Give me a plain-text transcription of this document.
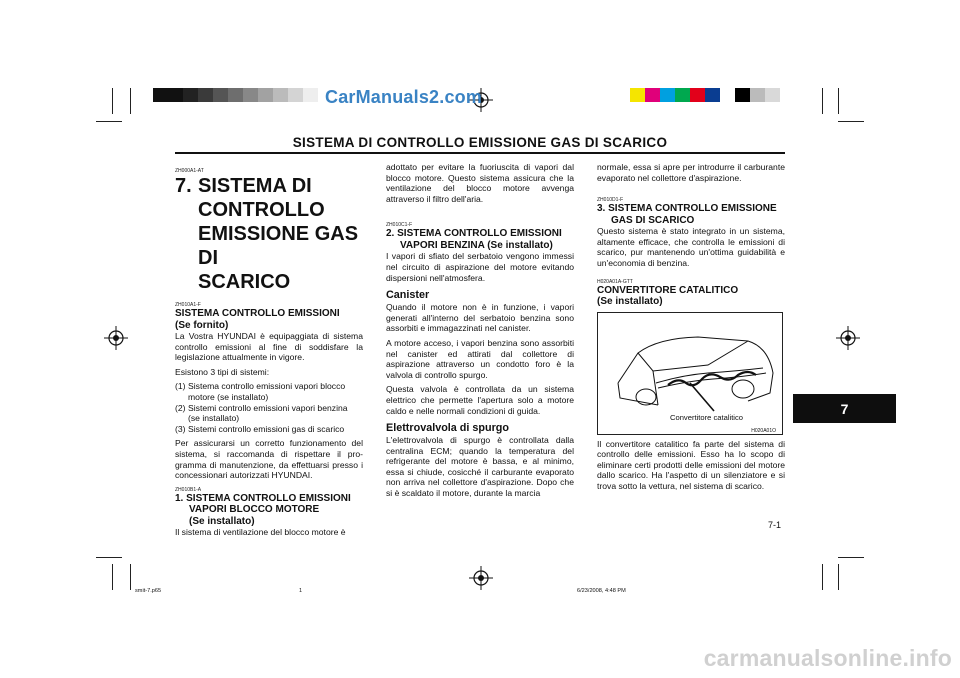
CarManuals2.com
SISTEMA DI CONTROLLO EMISSIONE GAS DI SCARICO
ZH000A1-AT
7. SISTEMA DI
CONTROLLO
EMISSIONE GAS DI
SCARICO
ZH010A1-F
SISTEMA CONTROLLO EMISSIONI
(Se fornito)
La Vostra HYUNDAI è equipaggiata di sistema controllo emissioni al fine di soddisfare la legislazione attualmente in vigore.
Esistono 3 tipi di sistemi:
(1) Sistema controllo emissioni vapori blocco
motore (se installato)
(2) Sistemi controllo emissioni vapori benzina
(se installato)
(3) Sistemi controllo emissioni gas di scarico
Per assicurarsi un corretto funzionamento del sistema, si raccomanda di rispettare il pro-gramma di manutenzione, da effettuarsi presso i concessionari autorizzati HYUNDAI.
ZH010B1-A
1. SISTEMA CONTROLLO EMISSIONI
VAPORI BLOCCO MOTORE
(Se installato)
Il sistema di ventilazione del blocco motore è
adottato per evitare la fuoriuscita di vapori dal blocco motore. Questo sistema assicura che la ventilazione del blocco motore avvenga attraverso il filtro dell'aria.
ZH010C1-F
2. SISTEMA CONTROLLO EMISSIONI
VAPORI BENZINA (Se installato)
I vapori di sfiato del serbatoio vengono immessi nel circuito di aspirazione del motore evitando dispersioni nell'atmosfera.
Canister
Quando il motore non è in funzione, i vapori generati all'interno del serbatoio benzina sono assorbiti e immagazzinati nel canister.
A motore acceso, i vapori benzina sono assorbiti nel canister ed attirati dal collettore di aspirazione attraverso un condotto foro è la valvola di controllo spurgo.
Questa valvola è controllata da un sistema elettrico che permette l'apertura solo a motore caldo e nelle normali condizioni di guida.
Elettrovalvola di spurgo
L'elettrovalvola di spurgo è controllata dalla centralina ECM; quando la temperatura del refrigerante del motore è bassa, e al minimo, essa si chiude, cosicché il carburante evaporato non arriva nel collettore d'aspirazione. Dopo che si è scaldato il motore, durante la marcia
normale, essa si apre per introdurre il carburante evaporato nel collettore d'aspirazione.
ZH010D1-F
3. SISTEMA CONTROLLO EMISSIONE
GAS DI SCARICO
Questo sistema è stato integrato in un sistema, altamente efficace, che controlla le emissioni di scarico, pur mantenendo un'ottima guidabilità e un'economia di benzina.
H020A01A-GTT
CONVERTITORE CATALITICO
(Se installato)
Convertitore catalitico
H020A01O
Il convertitore catalitico fa parte del sistema di controllo delle emissioni. Esso ha lo scopo di eliminare certi prodotti delle emissioni del motore dallo scarico. Ha l'aspetto di un silenziatore e si trova sotto la vettura, nel sistema di scarico.
7
7-1
smit-7.p65	1	6/23/2008, 4:48 PM
carmanualsonline.info
